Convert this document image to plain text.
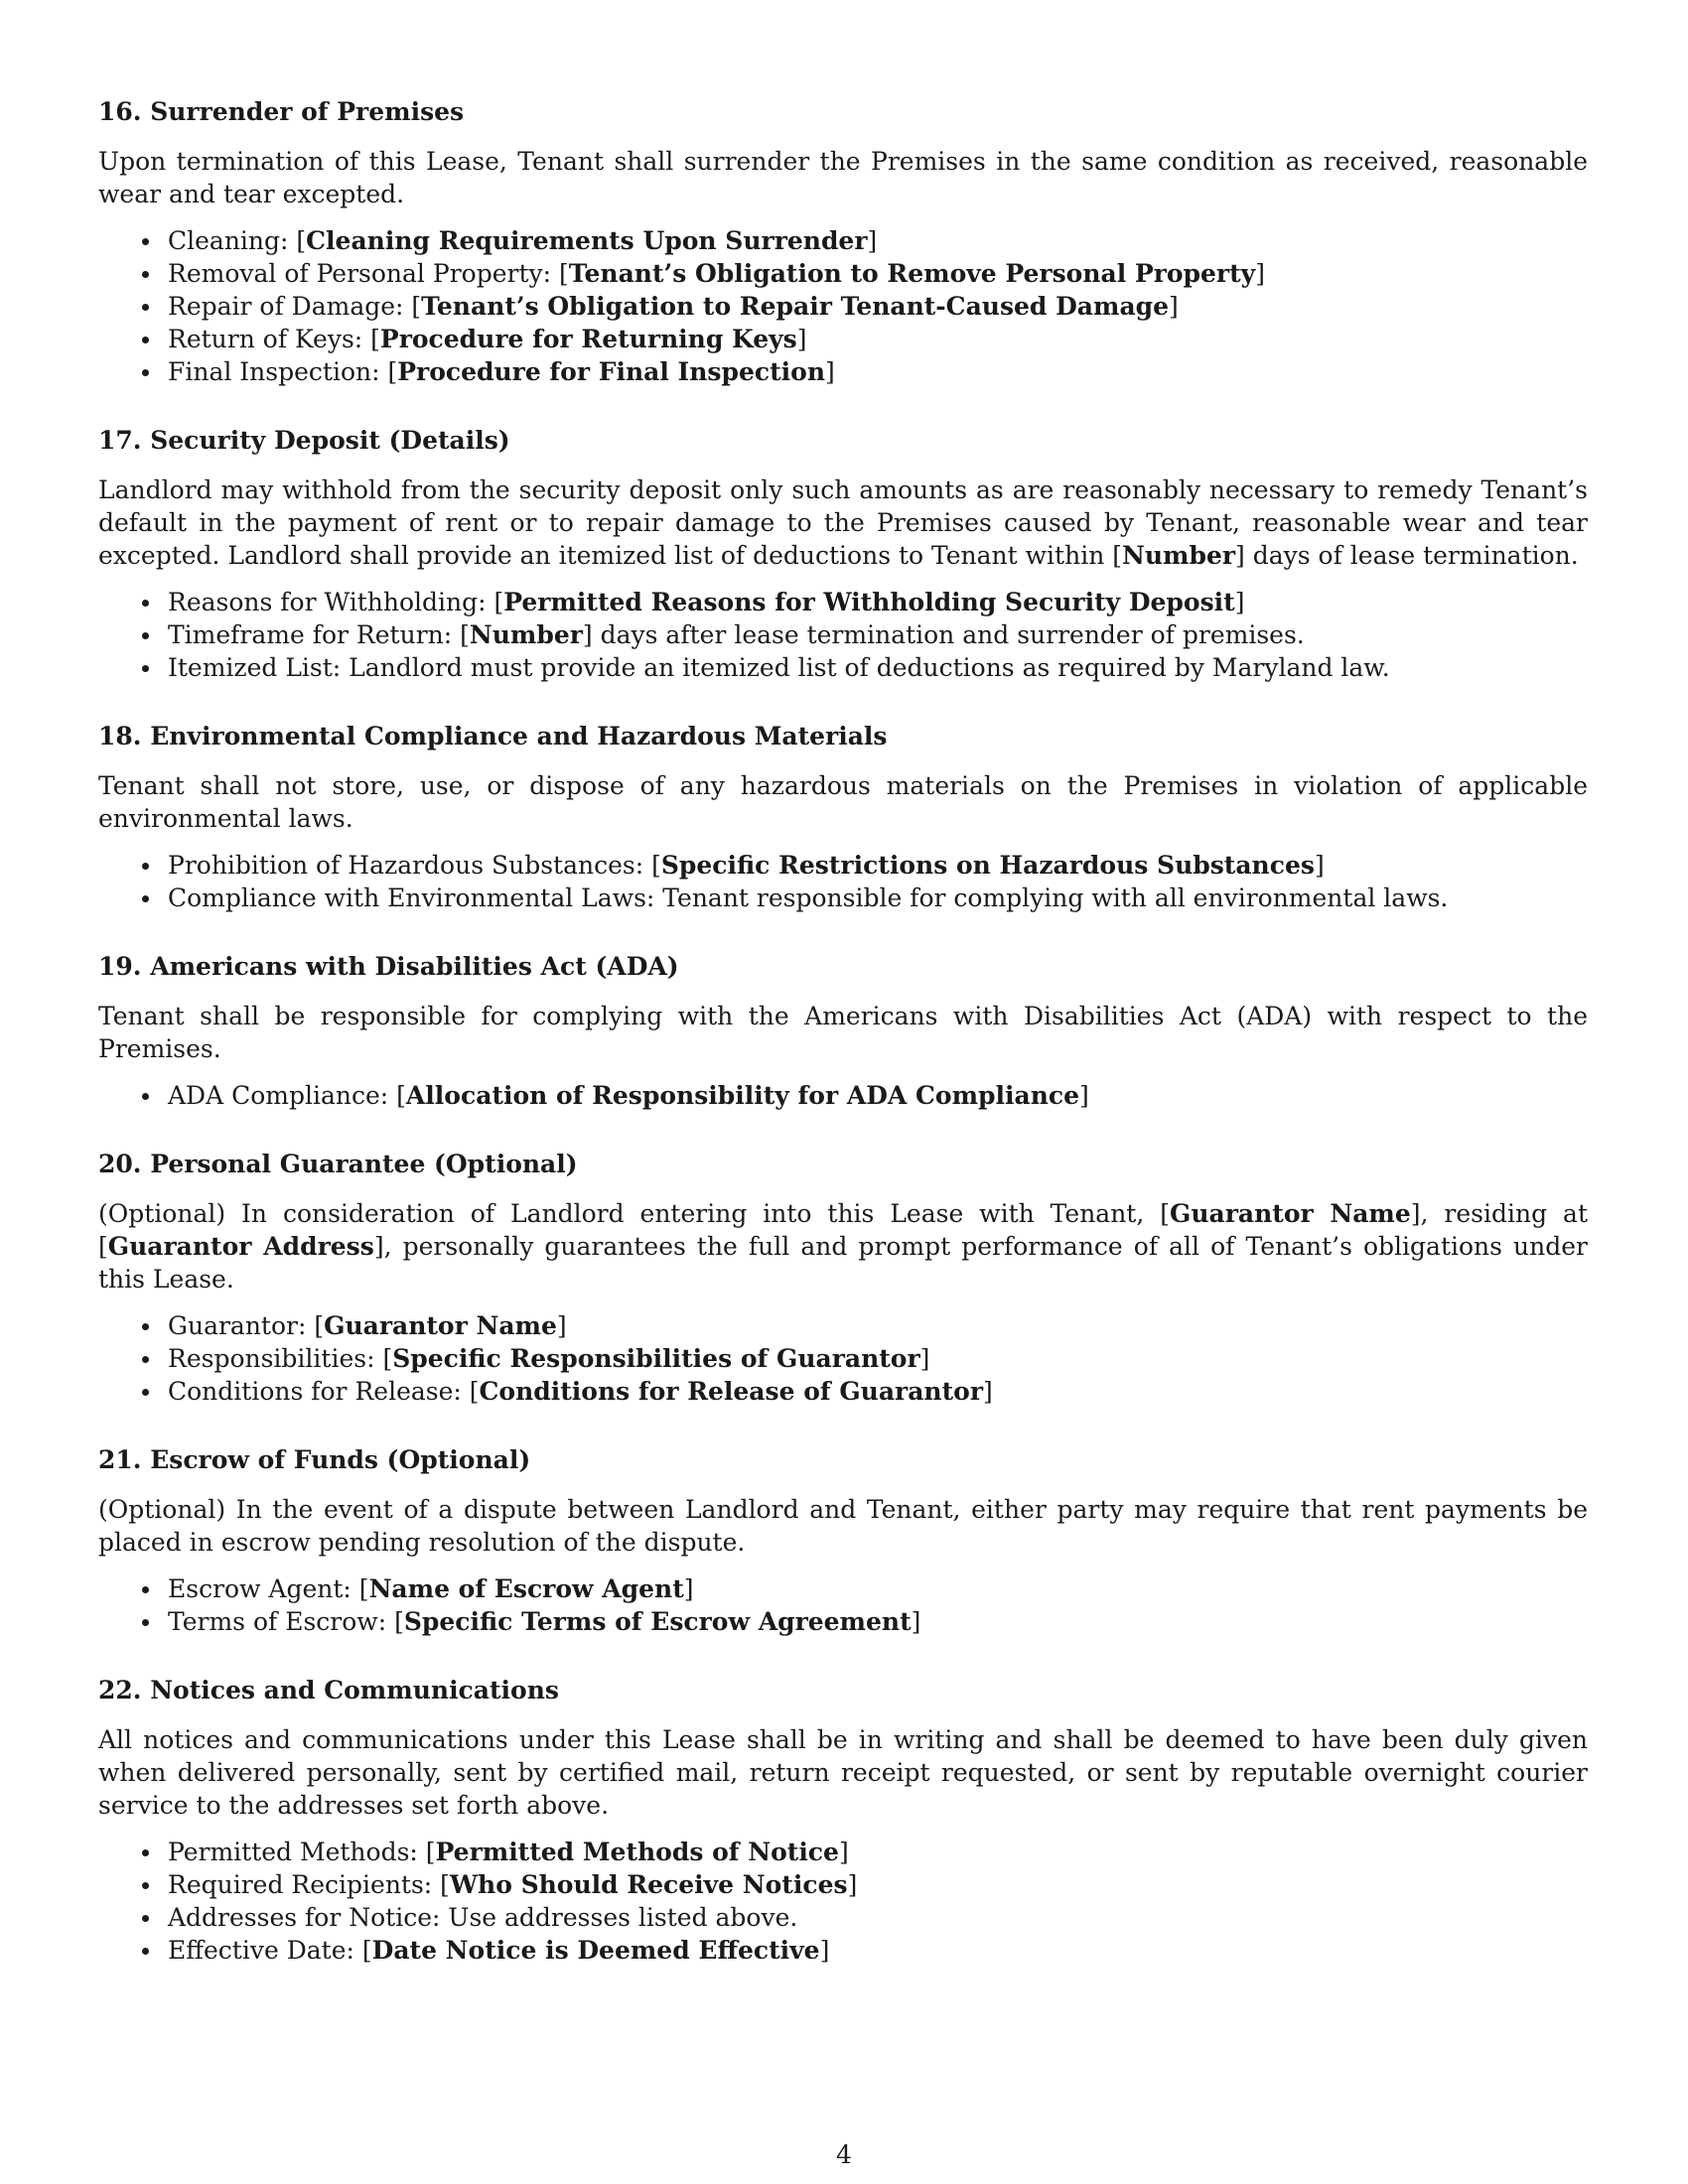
16. Surrender of Premises

Upon termination of this Lease, Tenant shall surrender the Premises in the same condition as received, reasonable wear and tear excepted.

Cleaning: [Cleaning Requirements Upon Surrender]
Removal of Personal Property: [Tenant’s Obligation to Remove Personal Property]
Repair of Damage: [Tenant’s Obligation to Repair Tenant-Caused Damage]
Return of Keys: [Procedure for Returning Keys]
Final Inspection: [Procedure for Final Inspection]
17. Security Deposit (Details)

Landlord may withhold from the security deposit only such amounts as are reasonably necessary to remedy Tenant’s default in the payment of rent or to repair damage to the Premises caused by Tenant, reasonable wear and tear excepted. Landlord shall provide an itemized list of deductions to Tenant within [Number] days of lease termination.

Reasons for Withholding: [Permitted Reasons for Withholding Security Deposit]
Timeframe for Return: [Number] days after lease termination and surrender of premises.
Itemized List: Landlord must provide an itemized list of deductions as required by Maryland law.
18. Environmental Compliance and Hazardous Materials

Tenant shall not store, use, or dispose of any hazardous materials on the Premises in violation of applicable environmental laws.

Prohibition of Hazardous Substances: [Specific Restrictions on Hazardous Substances]
Compliance with Environmental Laws: Tenant responsible for complying with all environmental laws.
19. Americans with Disabilities Act (ADA)

Tenant shall be responsible for complying with the Americans with Disabilities Act (ADA) with respect to the Premises.

ADA Compliance: [Allocation of Responsibility for ADA Compliance]
20. Personal Guarantee (Optional)

(Optional) In consideration of Landlord entering into this Lease with Tenant, [Guarantor Name], residing at [Guarantor Address], personally guarantees the full and prompt performance of all of Tenant’s obligations under this Lease.

Guarantor: [Guarantor Name]
Responsibilities: [Specific Responsibilities of Guarantor]
Conditions for Release: [Conditions for Release of Guarantor]
21. Escrow of Funds (Optional)

(Optional) In the event of a dispute between Landlord and Tenant, either party may require that rent payments be placed in escrow pending resolution of the dispute.

Escrow Agent: [Name of Escrow Agent]
Terms of Escrow: [Specific Terms of Escrow Agreement]
22. Notices and Communications

All notices and communications under this Lease shall be in writing and shall be deemed to have been duly given when delivered personally, sent by certified mail, return receipt requested, or sent by reputable overnight courier service to the addresses set forth above.

Permitted Methods: [Permitted Methods of Notice]
Required Recipients: [Who Should Receive Notices]
Addresses for Notice: Use addresses listed above.
Effective Date: [Date Notice is Deemed Effective]
4
